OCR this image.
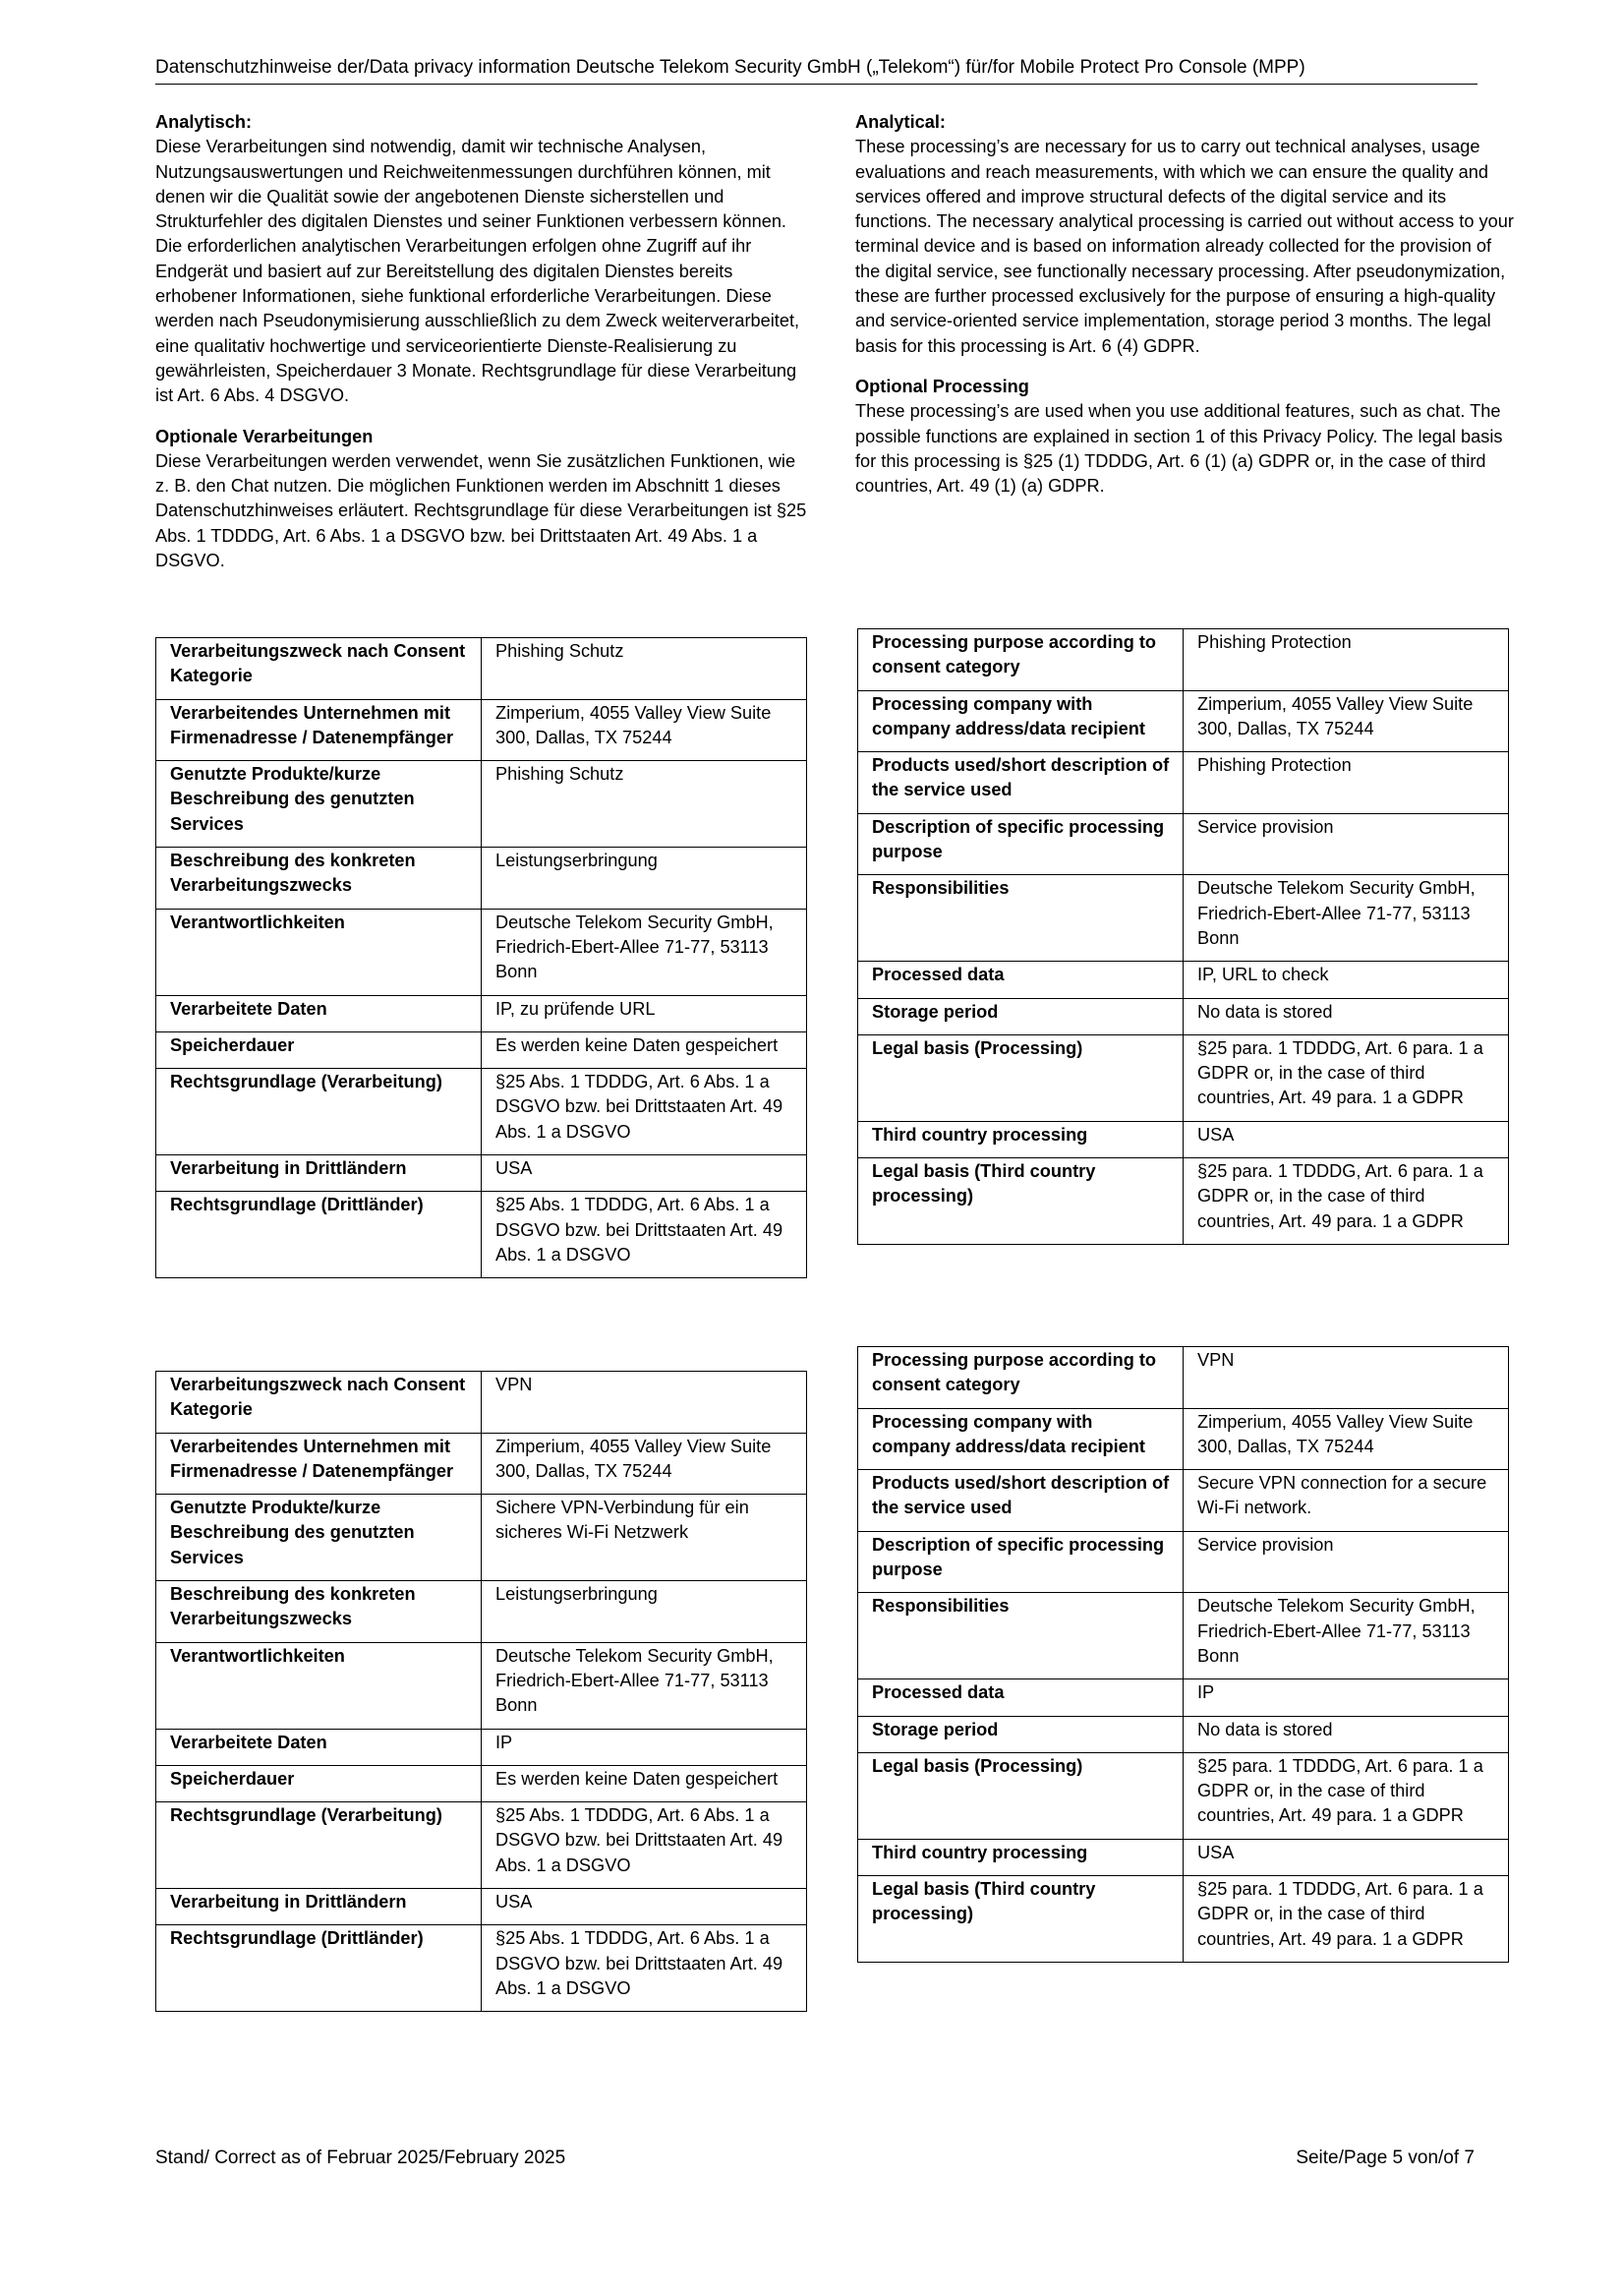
Datenschutzhinweise der/Data privacy information Deutsche Telekom Security GmbH („Telekom“) für/for Mobile Protect Pro Console (MPP)
Analytisch:

Diese Verarbeitungen sind notwendig, damit wir technische Analysen, Nutzungsauswertungen und Reichweitenmessungen durchführen können, mit denen wir die Qualität sowie der angebotenen Dienste sicherstellen und Strukturfehler des digitalen Dienstes und seiner Funktionen verbessern können. Die erforderlichen analytischen Verarbeitungen erfolgen ohne Zugriff auf ihr Endgerät und basiert auf zur Bereitstellung des digitalen Dienstes bereits erhobener Informationen, siehe funktional erforderliche Verarbeitungen. Diese werden nach Pseudonymisierung ausschließlich zu dem Zweck weiterverarbeitet, eine qualitativ hochwertige und serviceorientierte Dienste-Realisierung zu gewährleisten, Speicherdauer 3 Monate. Rechtsgrundlage für diese Verarbeitung ist Art. 6 Abs. 4 DSGVO.

Optionale Verarbeitungen

Diese Verarbeitungen werden verwendet, wenn Sie zusätzlichen Funktionen, wie z. B. den Chat nutzen. Die möglichen Funktionen werden im Abschnitt 1 dieses Datenschutzhinweises erläutert. Rechtsgrundlage für diese Verarbeitungen ist §25 Abs. 1 TDDDG, Art. 6 Abs. 1 a DSGVO bzw. bei Drittstaaten Art. 49 Abs. 1 a DSGVO.

Analytical:

These processing’s are necessary for us to carry out technical analyses, usage evaluations and reach measurements, with which we can ensure the quality and services offered and improve structural defects of the digital service and its functions. The necessary analytical processing is carried out without access to your terminal device and is based on information already collected for the provision of the digital service, see functionally necessary processing. After pseudonymization, these are further processed exclusively for the purpose of ensuring a high-quality and service-oriented service implementation, storage period 3 months. The legal basis for this processing is Art. 6 (4) GDPR.

Optional Processing

These processing’s are used when you use additional features, such as chat. The possible functions are explained in section 1 of this Privacy Policy. The legal basis for this processing is §25 (1) TDDDG, Art. 6 (1) (a) GDPR or, in the case of third countries, Art. 49 (1) (a) GDPR.

Verarbeitungszweck nach Consent Kategorie	Phishing Schutz
Verarbeitendes Unternehmen mit Firmenadresse / Datenempfänger	Zimperium, 4055 Valley View Suite 300, Dallas, TX 75244
Genutzte Produkte/kurze Beschreibung des genutzten Services	Phishing Schutz
Beschreibung des konkreten Verarbeitungszwecks	Leistungserbringung
Verantwortlichkeiten	Deutsche Telekom Security GmbH, Friedrich-Ebert-Allee 71-77, 53113 Bonn
Verarbeitete Daten	IP, zu prüfende URL
Speicherdauer	Es werden keine Daten gespeichert
Rechtsgrundlage (Verarbeitung)	§25 Abs. 1 TDDDG, Art. 6 Abs. 1 a DSGVO bzw. bei Drittstaaten Art. 49 Abs. 1 a DSGVO
Verarbeitung in Drittländern	USA
Rechtsgrundlage (Drittländer)	§25 Abs. 1 TDDDG, Art. 6 Abs. 1 a DSGVO bzw. bei Drittstaaten Art. 49 Abs. 1 a DSGVO
Processing purpose according to consent category	Phishing Protection
Processing company with company address/data recipient	Zimperium, 4055 Valley View Suite 300, Dallas, TX 75244
Products used/short description of the service used	Phishing Protection
Description of specific processing purpose	Service provision
Responsibilities	Deutsche Telekom Security GmbH, Friedrich-Ebert-Allee 71-77, 53113 Bonn
Processed data	IP, URL to check
Storage period	No data is stored
Legal basis (Processing)	§25 para. 1 TDDDG, Art. 6 para. 1 a GDPR or, in the case of third countries, Art. 49 para. 1 a GDPR
Third country processing	USA
Legal basis (Third country processing)	§25 para. 1 TDDDG, Art. 6 para. 1 a GDPR or, in the case of third countries, Art. 49 para. 1 a GDPR
Verarbeitungszweck nach Consent Kategorie	VPN
Verarbeitendes Unternehmen mit Firmenadresse / Datenempfänger	Zimperium, 4055 Valley View Suite 300, Dallas, TX 75244
Genutzte Produkte/kurze Beschreibung des genutzten Services	Sichere VPN-Verbindung für ein sicheres Wi-Fi Netzwerk
Beschreibung des konkreten Verarbeitungszwecks	Leistungserbringung
Verantwortlichkeiten	Deutsche Telekom Security GmbH, Friedrich-Ebert-Allee 71-77, 53113 Bonn
Verarbeitete Daten	IP
Speicherdauer	Es werden keine Daten gespeichert
Rechtsgrundlage (Verarbeitung)	§25 Abs. 1 TDDDG, Art. 6 Abs. 1 a DSGVO bzw. bei Drittstaaten Art. 49 Abs. 1 a DSGVO
Verarbeitung in Drittländern	USA
Rechtsgrundlage (Drittländer)	§25 Abs. 1 TDDDG, Art. 6 Abs. 1 a DSGVO bzw. bei Drittstaaten Art. 49 Abs. 1 a DSGVO
Processing purpose according to consent category	VPN
Processing company with company address/data recipient	Zimperium, 4055 Valley View Suite 300, Dallas, TX 75244
Products used/short description of the service used	Secure VPN connection for a secure Wi-Fi network.
Description of specific processing purpose	Service provision
Responsibilities	Deutsche Telekom Security GmbH, Friedrich-Ebert-Allee 71-77, 53113 Bonn
Processed data	IP
Storage period	No data is stored
Legal basis (Processing)	§25 para. 1 TDDDG, Art. 6 para. 1 a GDPR or, in the case of third countries, Art. 49 para. 1 a GDPR
Third country processing	USA
Legal basis (Third country processing)	§25 para. 1 TDDDG, Art. 6 para. 1 a GDPR or, in the case of third countries, Art. 49 para. 1 a GDPR
Stand/ Correct as of Februar 2025/February 2025	Seite/Page 5 von/of 7
